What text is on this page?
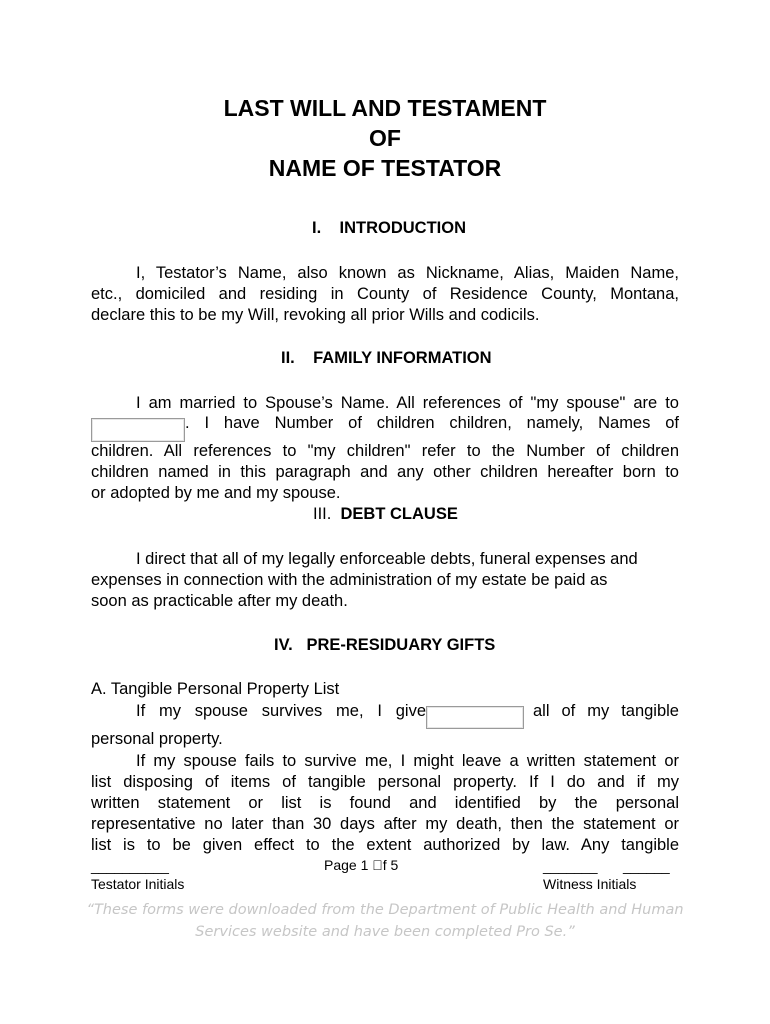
LAST WILL AND TESTAMENT
OF
NAME OF TESTATOR
I. INTRODUCTION
I, Testator’s Name, also known as Nickname, Alias, Maiden Name,
etc., domiciled and residing in County of Residence County, Montana,
declare this to be my Will, revoking all prior Wills and codicils.
II. FAMILY INFORMATION
I am married to Spouse’s Name. All references of "my spouse" are to
. I have Number of children children, namely, Names of
children. All references to "my children" refer to the Number of children
children named in this paragraph and any other children hereafter born to
or adopted by me and my spouse.
III. DEBT CLAUSE
I direct that all of my legally enforceable debts, funeral expenses and
expenses in connection with the administration of my estate be paid as
soon as practicable after my death.
IV. PRE-RESIDUARY GIFTS
A. Tangible Personal Property List
If my spouse survives me, I give	all of my tangible
personal property.
If my spouse fails to survive me, I might leave a written statement or
list disposing of items of tangible personal property. If I do and if my
written statement or list is found and identified by the personal
representative no later than 30 days after my death, then the statement or
list is to be given effect to the extent authorized by law. Any tangible
__________	Page 1 f 5	_______ ______
Testator Initials	Witness Initials
“These forms were downloaded from the Department of Public Health and Human
Services website and have been completed Pro Se.”
